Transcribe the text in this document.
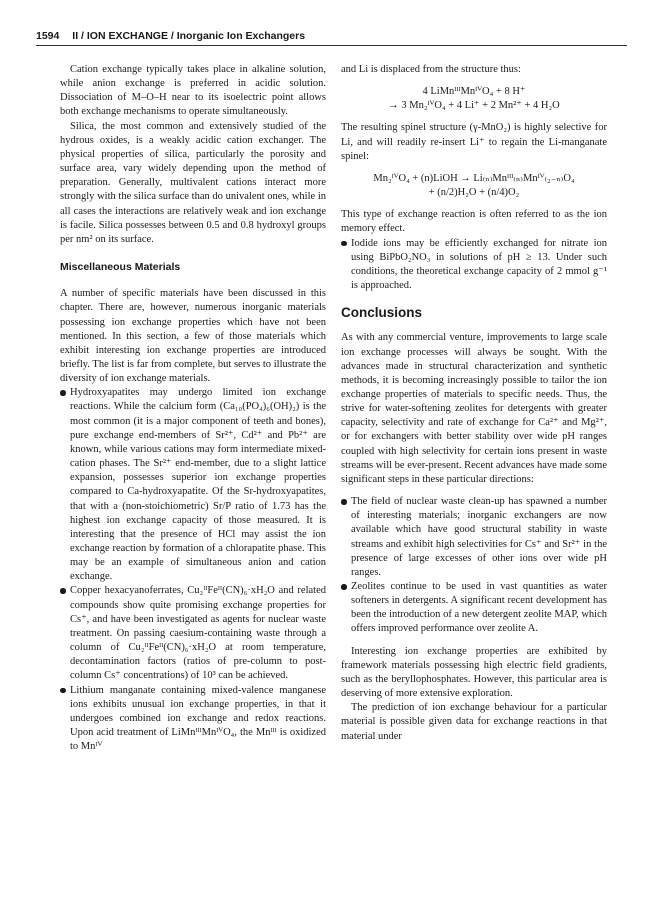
1594 II / ION EXCHANGE / Inorganic Ion Exchangers

Cation exchange typically takes place in alkaline solution, while anion exchange is preferred in acidic solution. Dissociation of M–O–H near to its isoelectric point allows both exchange mechanisms to operate simultaneously.

Silica, the most common and extensively studied of the hydrous oxides, is a weakly acidic cation exchanger. The physical properties of silica, particularly the porosity and surface area, vary widely depending upon the method of preparation. Generally, multivalent cations interact more strongly with the silica surface than do univalent ones, while in all cases the interactions are relatively weak and ion exchange is facile. Silica possesses between 0.5 and 0.8 hydroxyl groups per nm² on its surface.

Miscellaneous Materials

A number of specific materials have been discussed in this chapter. There are, however, numerous inorganic materials possessing ion exchange properties which have not been mentioned. In this section, a few of those materials which exhibit interesting ion exchange properties are introduced briefly. The list is far from complete, but serves to illustrate the diversity of ion exchange materials.

Hydroxyapatites may undergo limited ion exchange reactions. While the calcium form (Ca₁₀(PO₄)₆(OH)₂) is the most common (it is a major component of teeth and bones), pure exchange end-members of Sr²⁺, Cd²⁺ and Pb²⁺ are known, while various cations may form intermediate mixed-cation phases. The Sr²⁺ end-member, due to a slight lattice expansion, possesses superior ion exchange properties compared to Ca-hydroxyapatite. Of the Sr-hydroxyapatites, that with a (non-stoichiometric) Sr/P ratio of 1.73 has the highest ion exchange capacity of those measured. It is interesting that the presence of HCl may assist the ion exchange reaction by formation of a chlorapatite phase. This may be an example of simultaneous anion and cation exchange.
Copper hexacyanoferrates, Cu₂ᴵᴵFeᴵᴵ(CN)₆·xH₂O and related compounds show quite promising exchange properties for Cs⁺, and have been investigated as agents for nuclear waste treatment. On passing caesium-containing waste through a column of Cu₂ᴵᴵFeᴵᴵ(CN)₆·xH₂O at room temperature, decontamination factors (ratios of pre-column to post-column Cs⁺ concentrations) of 10³ can be achieved.
Lithium manganate containing mixed-valence manganese ions exhibits unusual ion exchange properties, in that it undergoes combined ion exchange and redox reactions. Upon acid treatment of LiMnᴵᴵᴵMnᴵⱽO₄, the Mnᴵᴵᴵ is oxidized to Mnᴵⱽ

and Li is displaced from the structure thus:

4 LiMnᴵᴵᴵMnᴵⱽO₄ + 8 H⁺
→ 3 Mn₂ᴵⱽO₄ + 4 Li⁺ + 2 Mn²⁺ + 4 H₂O

The resulting spinel structure (γ-MnO₂) is highly selective for Li, and will readily re-insert Li⁺ to regain the Li-manganate spinel:

Mn₂ᴵⱽO₄ + (n)LiOH → Li₍ₙ₎Mnᴵᴵᴵ₍ₙ₎Mnᴵⱽ₍₂₋ₙ₎O₄
+ (n/2)H₂O + (n/4)O₂

This type of exchange reaction is often referred to as the ion memory effect.

Iodide ions may be efficiently exchanged for nitrate ion using BiPbO₂NO₃ in solutions of pH ≥ 13. Under such conditions, the theoretical exchange capacity of 2 mmol g⁻¹ is approached.
Conclusions

As with any commercial venture, improvements to large scale ion exchange processes will always be sought. With the advances made in structural characterization and synthetic methods, it is becoming increasingly possible to tailor the ion exchange properties of materials to specific needs. Thus, the strive for water-softening zeolites for detergents with greater capacity, selectivity and rate of exchange for Ca²⁺ and Mg²⁺, or for exchangers with better stability over wide pH ranges coupled with high selectivity for certain ions present in waste streams will be ever-present. Recent advances have made some significant steps in these particular directions:

The field of nuclear waste clean-up has spawned a number of interesting materials; inorganic exchangers are now available which have good structural stability in waste streams and exhibit high selectivities for Cs⁺ and Sr²⁺ in the presence of large excesses of other ions over wide pH ranges.
Zeolites continue to be used in vast quantities as water softeners in detergents. A significant recent development has been the introduction of a new detergent zeolite MAP, which offers improved performance over zeolite A.

Interesting ion exchange properties are exhibited by framework materials possessing high electric field gradients, such as the beryllophosphates. However, this particular area is deserving of more extensive exploration.

The prediction of ion exchange behaviour for a particular material is possible given data for exchange reactions in that material under
